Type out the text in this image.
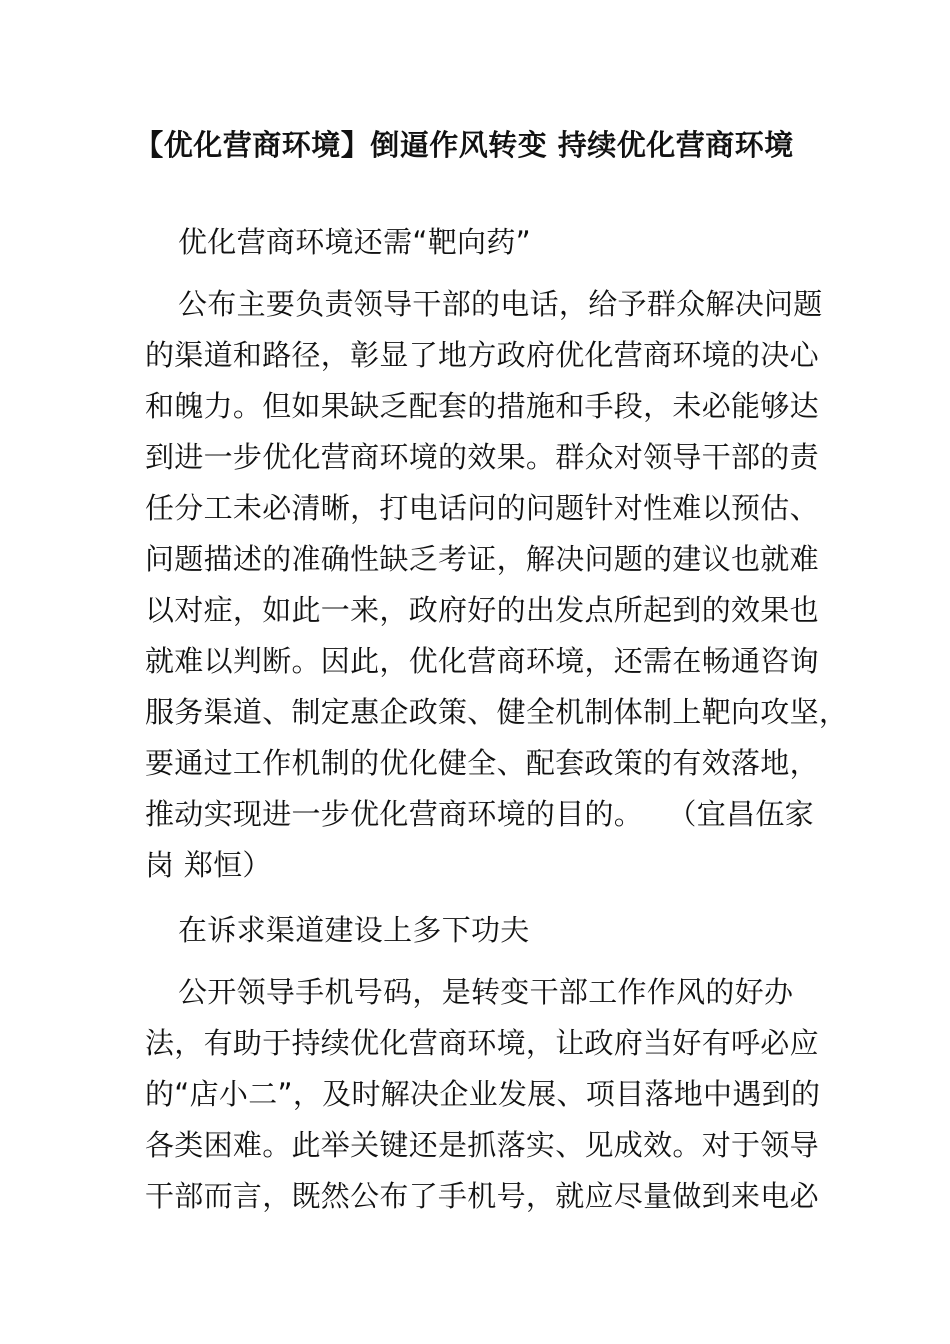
【优化营商环境】倒逼作风转变 持续优化营商环境
优化营商环境还需“靶向药”
公布主要负责领导干部的电话，给予群众解决问题
的渠道和路径，彰显了地方政府优化营商环境的决心
和魄力。但如果缺乏配套的措施和手段，未必能够达
到进一步优化营商环境的效果。群众对领导干部的责
任分工未必清晰，打电话问的问题针对性难以预估、
问题描述的准确性缺乏考证，解决问题的建议也就难
以对症，如此一来，政府好的出发点所起到的效果也
就难以判断。因此，优化营商环境，还需在畅通咨询
服务渠道、制定惠企政策、健全机制体制上靶向攻坚，
要通过工作机制的优化健全、配套政策的有效落地，
推动实现进一步优化营商环境的目的。　 （宜昌伍家
岗 郑恒）
在诉求渠道建设上多下功夫
公开领导手机号码，是转变干部工作作风的好办
法，有助于持续优化营商环境，让政府当好有呼必应
的“店小二”，及时解决企业发展、项目落地中遇到的
各类困难。此举关键还是抓落实、见成效。对于领导
干部而言，既然公布了手机号，就应尽量做到来电必
